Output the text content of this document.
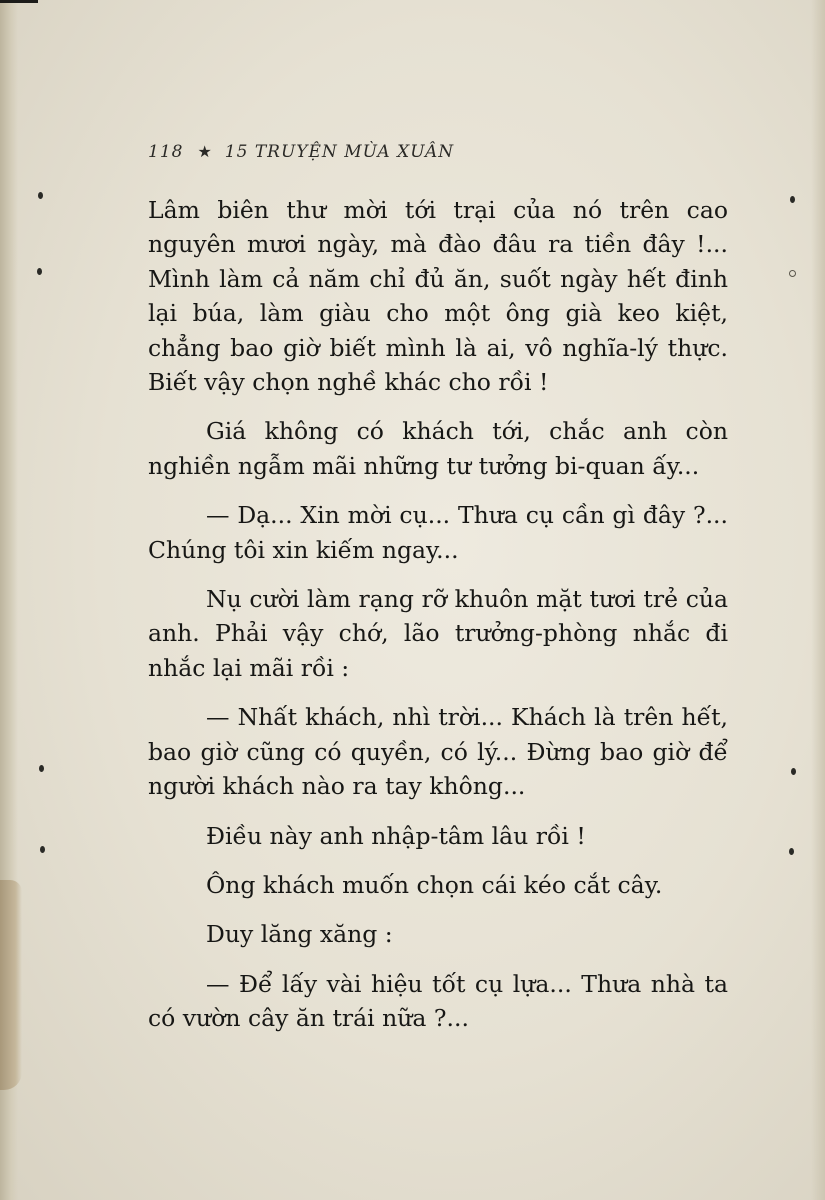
118 ★ 15 TRUYỆN MÙA XUÂN

Lâm biên thư mời tới trại của nó trên cao nguyên mươi ngày, mà đào đâu ra tiền đây !... Mình làm cả năm chỉ đủ ăn, suốt ngày hết đinh lại búa, làm giàu cho một ông già keo kiệt, chẳng bao giờ biết mình là ai, vô nghĩa-lý thực. Biết vậy chọn nghề khác cho rồi !

Giá không có khách tới, chắc anh còn nghiền ngẫm mãi những tư tưởng bi-quan ấy...

— Dạ... Xin mời cụ... Thưa cụ cần gì đây ?... Chúng tôi xin kiếm ngay...

Nụ cười làm rạng rỡ khuôn mặt tươi trẻ của anh. Phải vậy chớ, lão trưởng-phòng nhắc đi nhắc lại mãi rồi :

— Nhất khách, nhì trời... Khách là trên hết, bao giờ cũng có quyền, có lý... Đừng bao giờ để người khách nào ra tay không...

Điều này anh nhập-tâm lâu rồi !

Ông khách muốn chọn cái kéo cắt cây.

Duy lăng xăng :

— Để lấy vài hiệu tốt cụ lựa... Thưa nhà ta có vườn cây ăn trái nữa ?...
